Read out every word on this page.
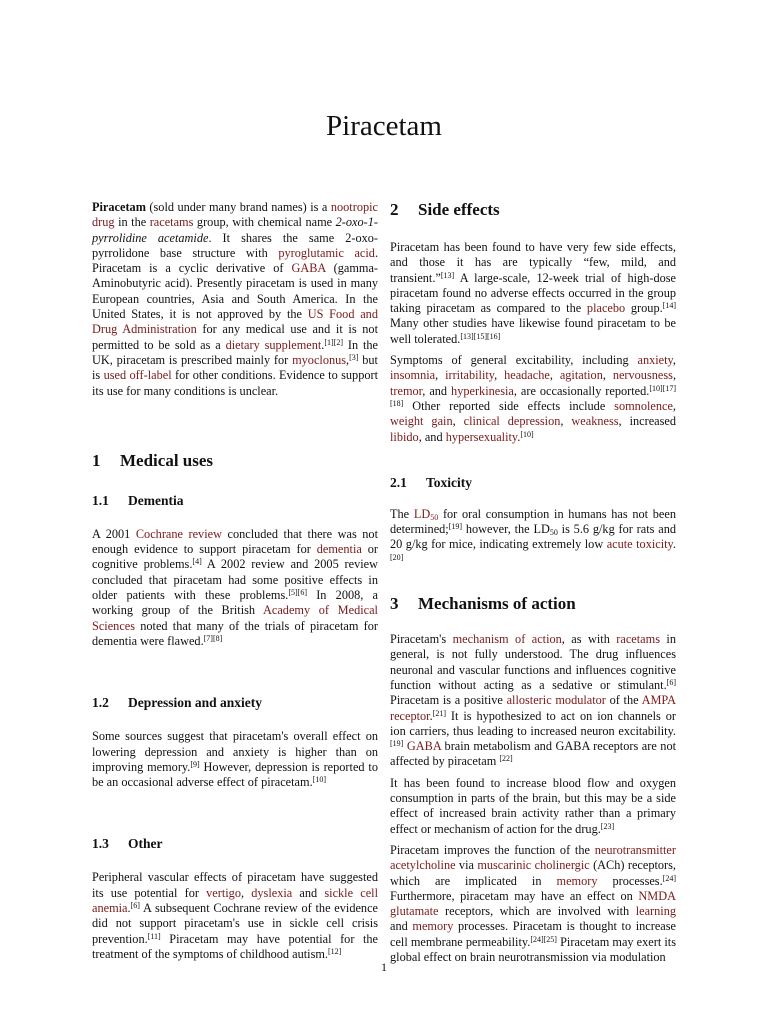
Piracetam

Piracetam (sold under many brand names) is a nootropic drug in the racetams group, with chemical name 2-oxo-1-pyrrolidine acetamide. It shares the same 2-oxo-pyrrolidone base structure with pyroglutamic acid. Piracetam is a cyclic derivative of GABA (gamma-Aminobutyric acid). Presently piracetam is used in many European countries, Asia and South America. In the United States, it is not approved by the US Food and Drug Administration for any medical use and it is not permitted to be sold as a dietary supplement.[1][2] In the UK, piracetam is prescribed mainly for myoclonus,[3] but is used off-label for other conditions. Evidence to support its use for many conditions is unclear.

1 Medical uses
1.1 Dementia

A 2001 Cochrane review concluded that there was not enough evidence to support piracetam for dementia or cognitive problems.[4] A 2002 review and 2005 review concluded that piracetam had some positive effects in older patients with these problems.[5][6] In 2008, a working group of the British Academy of Medical Sciences noted that many of the trials of piracetam for dementia were flawed.[7][8]

1.2 Depression and anxiety

Some sources suggest that piracetam's overall effect on lowering depression and anxiety is higher than on improving memory.[9] However, depression is reported to be an occasional adverse effect of piracetam.[10]

1.3 Other

Peripheral vascular effects of piracetam have suggested its use potential for vertigo, dyslexia and sickle cell anemia.[6] A subsequent Cochrane review of the evidence did not support piracetam's use in sickle cell crisis prevention.[11] Piracetam may have potential for the treatment of the symptoms of childhood autism.[12]

2 Side effects

Piracetam has been found to have very few side effects, and those it has are typically “few, mild, and transient.”[13] A large-scale, 12-week trial of high-dose piracetam found no adverse effects occurred in the group taking piracetam as compared to the placebo group.[14] Many other studies have likewise found piracetam to be well tolerated.[13][15][16]

Symptoms of general excitability, including anxiety, insomnia, irritability, headache, agitation, nervousness, tremor, and hyperkinesia, are occasionally reported.[10][17][18] Other reported side effects include somnolence, weight gain, clinical depression, weakness, increased libido, and hypersexuality.[10]

2.1 Toxicity

The $LD_{50}$ for oral consumption in humans has not been determined;[19] however, the $LD_{50}$ is 5.6 g/kg for rats and 20 g/kg for mice, indicating extremely low acute toxicity.[20]

3 Mechanisms of action

Piracetam's mechanism of action, as with racetams in general, is not fully understood. The drug influences neuronal and vascular functions and influences cognitive function without acting as a sedative or stimulant.[6] Piracetam is a positive allosteric modulator of the AMPA receptor.[21] It is hypothesized to act on ion channels or ion carriers, thus leading to increased neuron excitability.[19] GABA brain metabolism and GABA receptors are not affected by piracetam [22]

It has been found to increase blood flow and oxygen consumption in parts of the brain, but this may be a side effect of increased brain activity rather than a primary effect or mechanism of action for the drug.[23]

Piracetam improves the function of the neurotransmitter acetylcholine via muscarinic cholinergic (ACh) receptors, which are implicated in memory processes.[24] Furthermore, piracetam may have an effect on NMDA glutamate receptors, which are involved with learning and memory processes. Piracetam is thought to increase cell membrane permeability.[24][25] Piracetam may exert its global effect on brain neurotransmission via modulation

1
